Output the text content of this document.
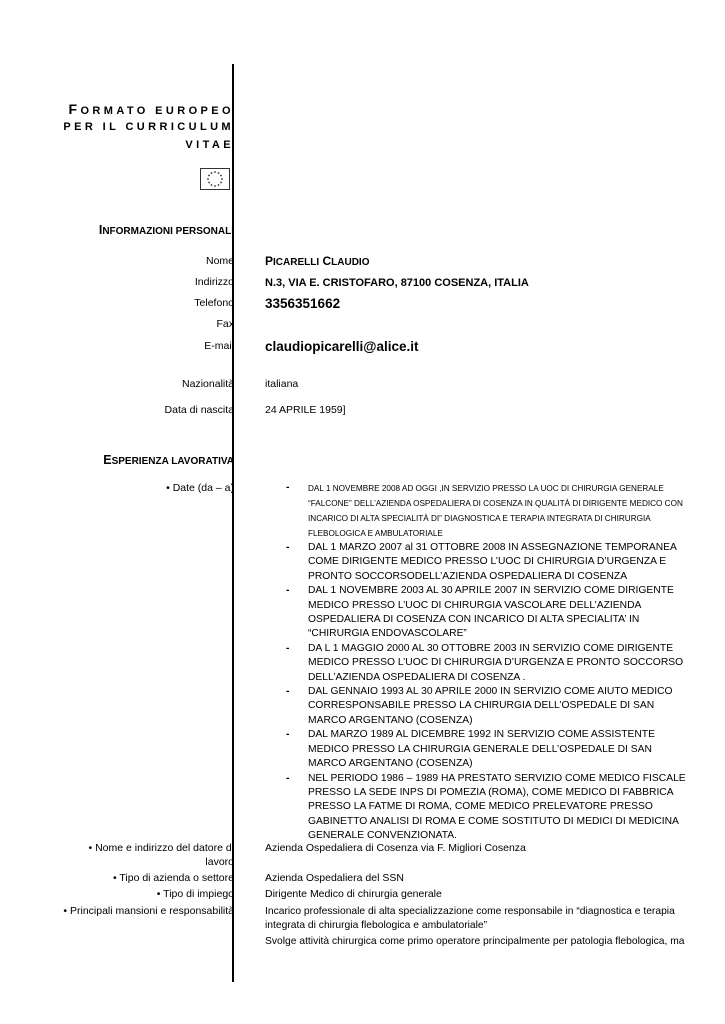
FORMATO EUROPEO
PER IL CURRICULUM
VITAE
INFORMAZIONI PERSONALI
Nome	PICARELLI CLAUDIO
Indirizzo	N.3, VIA E. CRISTOFARO, 87100 COSENZA, ITALIA
Telefono 3356351662
Fax
E-mail claudiopicarelli@alice.it
Nazionalità	italiana
Data di nascita	24 APRILE 1959]
ESPERIENZA LAVORATIVA
• Date (da – a)	-	DAL 1 NOVEMBRE 2008 AD OGGI ,IN SERVIZIO PRESSO LA UOC DI CHIRURGIA GENERALE “FALCONE” DELL’AZIENDA OSPEDALIERA DI COSENZA IN QUALITÀ DI DIRIGENTE MEDICO CON INCARICO DI ALTA SPECIALITÀ DI” DIAGNOSTICA E TERAPIA INTEGRATA DI CHIRURGIA FLEBOLOGICA E AMBULATORIALE
-	DAL 1 MARZO 2007 al 31 OTTOBRE 2008 IN ASSEGNAZIONE TEMPORANEA COME DIRIGENTE MEDICO PRESSO L’UOC DI CHIRURGIA D’URGENZA E PRONTO SOCCORSODELL’AZIENDA OSPEDALIERA DI COSENZA
-	DAL 1 NOVEMBRE 2003 AL 30 APRILE 2007 IN SERVIZIO COME DIRIGENTE MEDICO PRESSO L’UOC DI CHIRURGIA VASCOLARE DELL’AZIENDA OSPEDALIERA DI COSENZA CON INCARICO DI ALTA SPECIALITA’ IN “CHIRURGIA ENDOVASCOLARE”
-	DA L 1 MAGGIO 2000 AL 30 OTTOBRE 2003 IN SERVIZIO COME DIRIGENTE MEDICO PRESSO L’UOC DI CHIRURGIA D’URGENZA E PRONTO SOCCORSO DELL’AZIENDA OSPEDALIERA DI COSENZA .
-	DAL GENNAIO 1993 AL 30 APRILE 2000 IN SERVIZIO COME AIUTO MEDICO CORRESPONSABILE PRESSO LA CHIRURGIA DELL’OSPEDALE DI SAN MARCO ARGENTANO (COSENZA)
-	DAL MARZO 1989 AL DICEMBRE 1992 IN SERVIZIO COME ASSISTENTE MEDICO PRESSO LA CHIRURGIA GENERALE DELL’OSPEDALE DI SAN MARCO ARGENTANO (COSENZA)
-	NEL PERIODO 1986 – 1989 HA PRESTATO SERVIZIO COME MEDICO FISCALE PRESSO LA SEDE INPS DI POMEZIA (ROMA), COME MEDICO DI FABBRICA PRESSO LA FATME DI ROMA, COME MEDICO PRELEVATORE PRESSO GABINETTO ANALISI DI ROMA E COME SOSTITUTO DI MEDICI DI MEDICINA GENERALE CONVENZIONATA.
• Nome e indirizzo del datore di
lavoro
Azienda Ospedaliera di Cosenza via F. Migliori Cosenza
• Tipo di azienda o settore	Azienda Ospedaliera del SSN
• Tipo di impiego	Dirigente Medico di chirurgia generale
• Principali mansioni e responsabilità	Incarico professionale di alta specializzazione come responsabile in “diagnostica e terapia integrata di chirurgia flebologica e ambulatoriale”
Svolge attività chirurgica come primo operatore principalmente per patologia flebologica, ma
